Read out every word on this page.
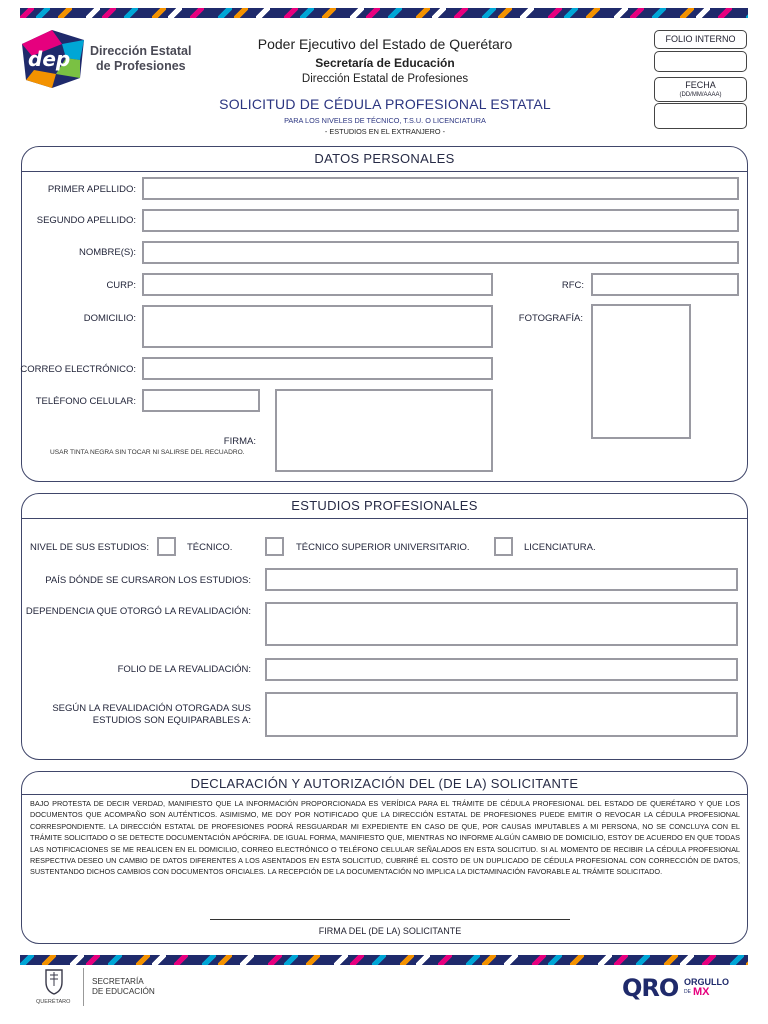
dep Dirección Estatal
de Profesiones
Poder Ejecutivo del Estado de Querétaro
Secretaría de Educación
Dirección Estatal de Profesiones
SOLICITUD DE CÉDULA PROFESIONAL ESTATAL
PARA LOS NIVELES DE TÉCNICO, T.S.U. O LICENCIATURA
- ESTUDIOS EN EL EXTRANJERO -
FOLIO INTERNO
FECHA
(DD/MM/AAAA)
DATOS PERSONALES
PRIMER APELLIDO:
SEGUNDO APELLIDO:
NOMBRE(S):
CURP:	RFC:
DOMICILIO:	FOTOGRAFÍA:
CORREO ELECTRÓNICO:
TELÉFONO CELULAR:
FIRMA:
USAR TINTA NEGRA SIN TOCAR NI SALIRSE DEL RECUADRO.
ESTUDIOS PROFESIONALES
NIVEL DE SUS ESTUDIOS:	TÉCNICO.	TÉCNICO SUPERIOR UNIVERSITARIO.	LICENCIATURA.
PAÍS DÓNDE SE CURSARON LOS ESTUDIOS:
DEPENDENCIA QUE OTORGÓ LA REVALIDACIÓN:
FOLIO DE LA REVALIDACIÓN:
SEGÚN LA REVALIDACIÓN OTORGADA SUS
ESTUDIOS SON EQUIPARABLES A:
DECLARACIÓN Y AUTORIZACIÓN DEL (DE LA) SOLICITANTE
BAJO PROTESTA DE DECIR VERDAD, MANIFIESTO QUE LA INFORMACIÓN PROPORCIONADA ES VERÍDICA PARA EL TRÁMITE DE CÉDULA PROFESIONAL DEL ESTADO DE QUERÉTARO Y QUE LOS DOCUMENTOS QUE ACOMPAÑO SON AUTÉNTICOS. ASIMISMO, ME DOY POR NOTIFICADO QUE LA DIRECCIÓN ESTATAL DE PROFESIONES PUEDE EMITIR O REVOCAR LA CÉDULA PROFESIONAL CORRESPONDIENTE. LA DIRECCIÓN ESTATAL DE PROFESIONES PODRÁ RESGUARDAR MI EXPEDIENTE EN CASO DE QUE, POR CAUSAS IMPUTABLES A MI PERSONA, NO SE CONCLUYA CON EL TRÁMITE SOLICITADO O SE DETECTE DOCUMENTACIÓN APÓCRIFA. DE IGUAL FORMA, MANIFIESTO QUE, MIENTRAS NO INFORME ALGÚN CAMBIO DE DOMICILIO, ESTOY DE ACUERDO EN QUE TODAS LAS NOTIFICACIONES SE ME REALICEN EN EL DOMICILIO, CORREO ELECTRÓNICO O TELÉFONO CELULAR SEÑALADOS EN ESTA SOLICITUD. SI AL MOMENTO DE RECIBIR LA CÉDULA PROFESIONAL RESPECTIVA DESEO UN CAMBIO DE DATOS DIFERENTES A LOS ASENTADOS EN ESTA SOLICITUD, CUBRIRÉ EL COSTO DE UN DUPLICADO DE CÉDULA PROFESIONAL CON CORRECCIÓN DE DATOS, SUSTENTANDO DICHOS CAMBIOS CON DOCUMENTOS OFICIALES. LA RECEPCIÓN DE LA DOCUMENTACIÓN NO IMPLICA LA DICTAMINACIÓN FAVORABLE AL TRÁMITE SOLICITADO.
FIRMA DEL (DE LA) SOLICITANTE
QUERÉTARO
SECRETARÍA
DE EDUCACIÓN	QRO ORGULLO
DE MX
